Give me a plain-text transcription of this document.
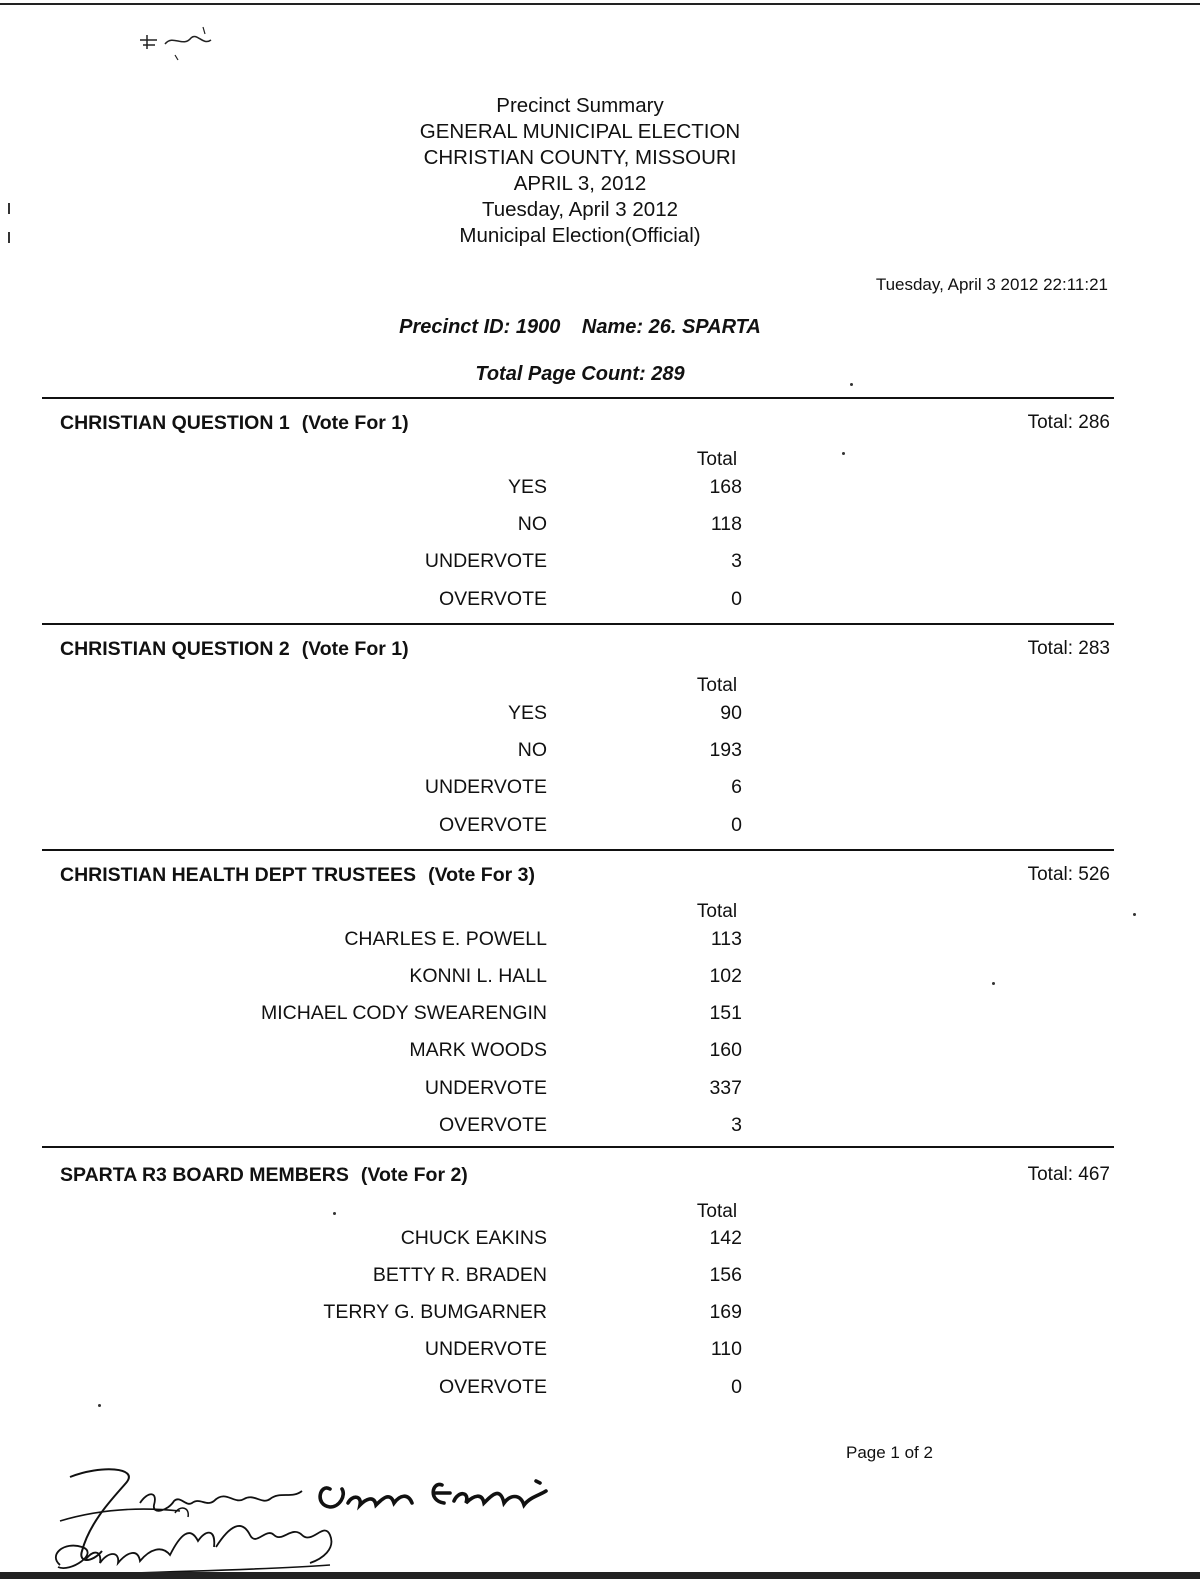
Precinct Summary
GENERAL MUNICIPAL ELECTION
CHRISTIAN COUNTY, MISSOURI
APRIL 3, 2012
Tuesday, April 3 2012
Municipal Election(Official)
Tuesday, April 3 2012 22:11:21
Precinct ID: 1900 Name: 26. SPARTA
Total Page Count: 289
CHRISTIAN QUESTION 1 (Vote For 1)	Total: 286
Total
YES	168
NO	118
UNDERVOTE	3
OVERVOTE	0
CHRISTIAN QUESTION 2 (Vote For 1)	Total: 283
Total
YES	90
NO	193
UNDERVOTE	6
OVERVOTE	0
CHRISTIAN HEALTH DEPT TRUSTEES (Vote For 3)	Total: 526
Total
CHARLES E. POWELL	113
KONNI L. HALL	102
MICHAEL CODY SWEARENGIN	151
MARK WOODS	160
UNDERVOTE	337
OVERVOTE	3
SPARTA R3 BOARD MEMBERS (Vote For 2)	Total: 467
Total
CHUCK EAKINS	142
BETTY R. BRADEN	156
TERRY G. BUMGARNER	169
UNDERVOTE	110
OVERVOTE	0
Page 1 of 2
